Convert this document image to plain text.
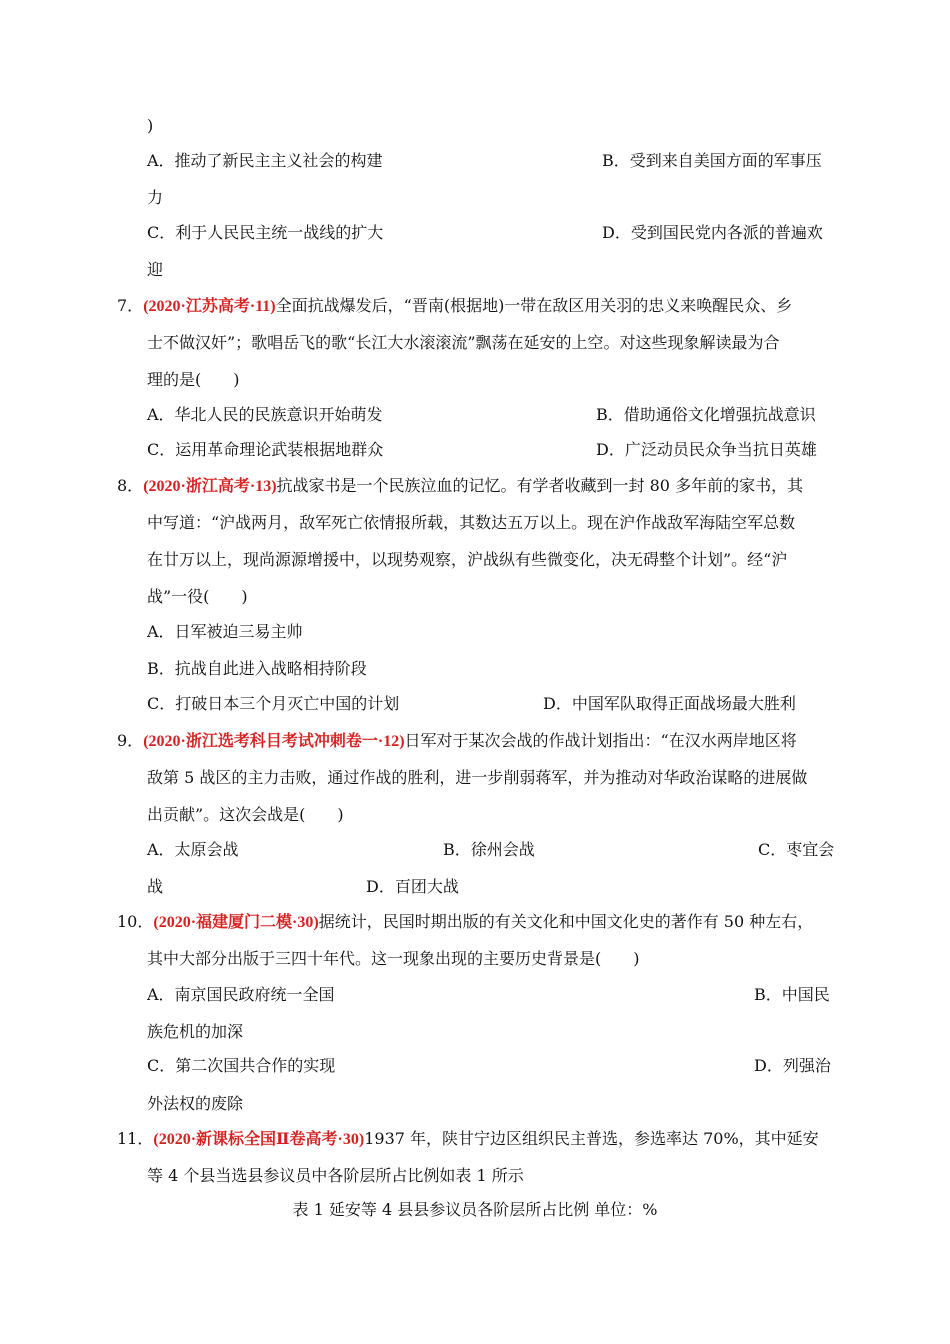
)
A．推动了新民主主义社会的构建	B．受到来自美国方面的军事压
力
C．利于人民民主统一战线的扩大	D．受到国民党内各派的普遍欢
迎
7．(2020·江苏高考·11)全面抗战爆发后，“晋南(根据地)一带在敌区用关羽的忠义来唤醒民众、乡
士不做汉奸”；歌唱岳飞的歌“长江大水滚滚流”飘荡在延安的上空。对这些现象解读最为合
理的是(　　)
A．华北人民的民族意识开始萌发	B．借助通俗文化增强抗战意识
C．运用革命理论武装根据地群众	D．广泛动员民众争当抗日英雄
8．(2020·浙江高考·13)抗战家书是一个民族泣血的记忆。有学者收藏到一封 80 多年前的家书，其
中写道：“沪战两月，敌军死亡依情报所载，其数达五万以上。现在沪作战敌军海陆空军总数
在廿万以上，现尚源源增援中，以现势观察，沪战纵有些微变化，决无碍整个计划”。经“沪
战”一役(　　)
A．日军被迫三易主帅
B．抗战自此进入战略相持阶段
C．打破日本三个月灭亡中国的计划	D．中国军队取得正面战场最大胜利
9．(2020·浙江选考科目考试冲刺卷一·12)日军对于某次会战的作战计划指出：“在汉水两岸地区将
敌第 5 战区的主力击败，通过作战的胜利，进一步削弱蒋军，并为推动对华政治谋略的进展做
出贡献”。这次会战是(　　)
A．太原会战	B．徐州会战	C．枣宜会
战	D．百团大战
10．(2020·福建厦门二模·30)据统计，民国时期出版的有关文化和中国文化史的著作有 50 种左右，
其中大部分出版于三四十年代。这一现象出现的主要历史背景是(　　)
A．南京国民政府统一全国	B．中国民
族危机的加深
C．第二次国共合作的实现	D．列强治
外法权的废除
11．(2020·新课标全国Ⅱ卷高考·30)1937 年，陕甘宁边区组织民主普选，参选率达 70%，其中延安
等 4 个县当选县参议员中各阶层所占比例如表 1 所示
表 1 延安等 4 县县参议员各阶层所占比例 单位：%
